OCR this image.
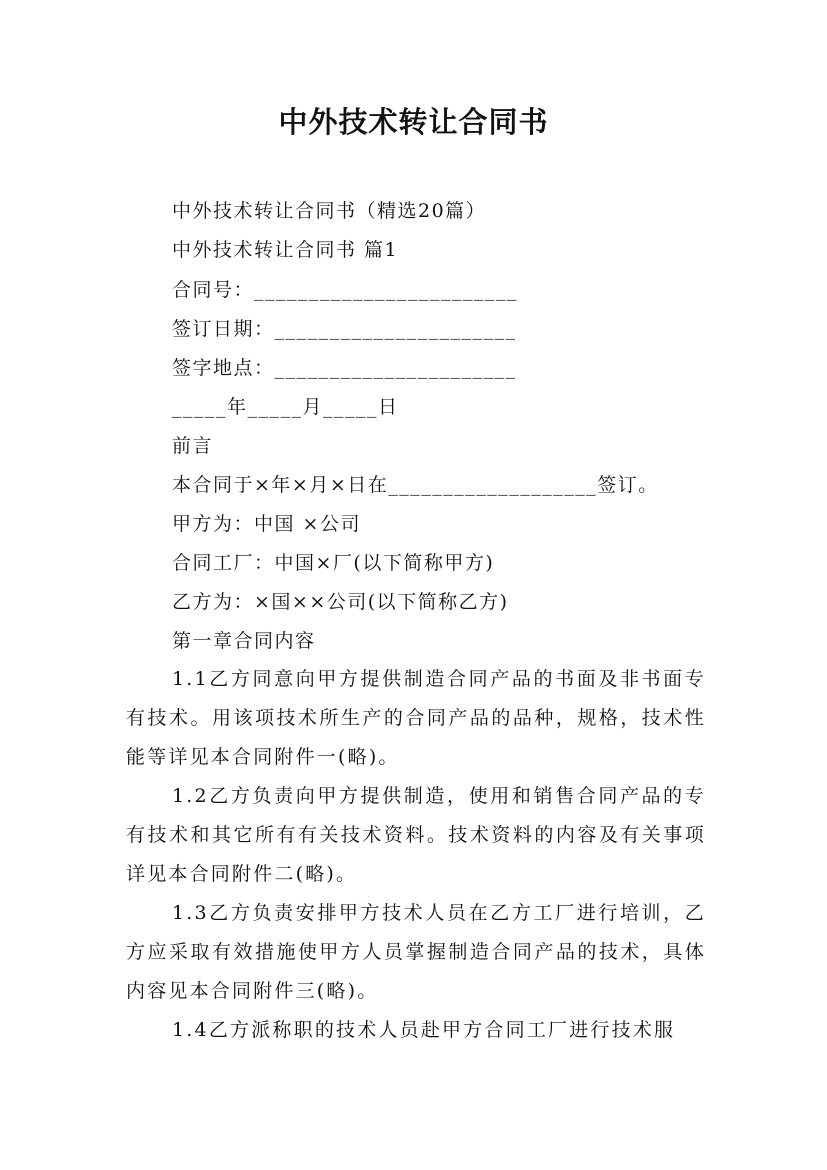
中外技术转让合同书
中外技术转让合同书（精选20篇）
中外技术转让合同书 篇1
合同号：________________________
签订日期：______________________
签字地点：______________________
_____年_____月_____日
前言
本合同于×年×月×日在___________________签订。
甲方为：中国 ×公司
合同工厂：中国×厂(以下简称甲方)
乙方为：×国××公司(以下简称乙方)
第一章合同内容
1.1乙方同意向甲方提供制造合同产品的书面及非书面专有技术。用该项技术所生产的合同产品的品种，规格，技术性能等详见本合同附件一(略)。
1.2乙方负责向甲方提供制造，使用和销售合同产品的专有技术和其它所有有关技术资料。技术资料的内容及有关事项详见本合同附件二(略)。
1.3乙方负责安排甲方技术人员在乙方工厂进行培训，乙方应采取有效措施使甲方人员掌握制造合同产品的技术，具体内容见本合同附件三(略)。
1.4乙方派称职的技术人员赴甲方合同工厂进行技术服
